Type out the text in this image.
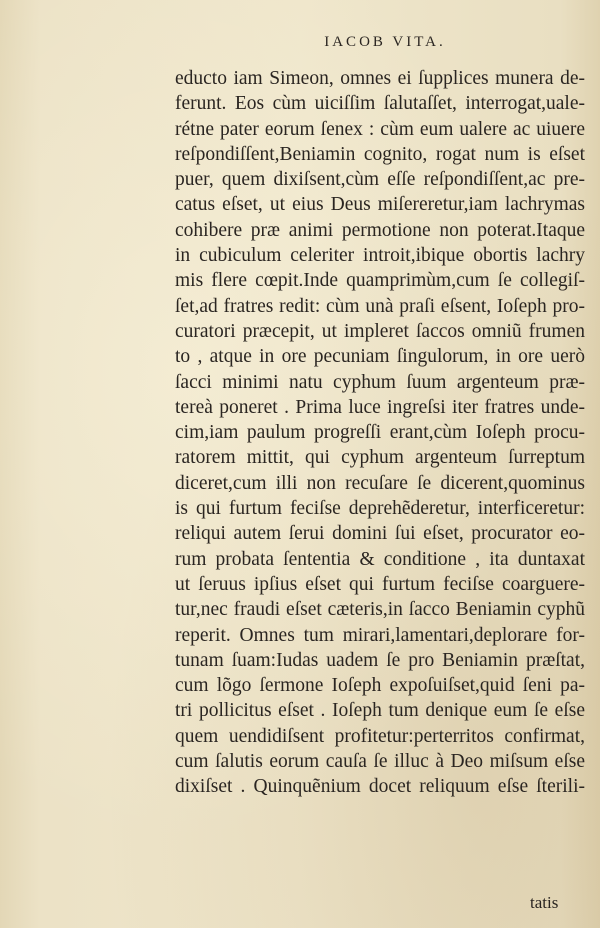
IACOB VITA.
eduсto iam Simeon, omnes ei ſupplices munera de-
ferunt. Eos cùm uiciſſim ſalutaſſet, interrogat,uale-
rétne pater eorum ſenex : cùm eum ualere ac uiuere
reſpondiſſent,Beniamin cognito, rogat num is eſset
puer, quem dixiſsent,cùm eſſe reſpondiſſent,ac pre-
catus eſset, ut eius Deus miſereretur,iam lachrymas
cohibere præ animi permotione non poterat.Itaque
in cubiculum celeriter introit,ibique obortis lachry
mis flere cœpit.Inde quamprimùm,cum ſe collegiſ-
ſet,ad fratres redit: cùm unà praſi eſsent, Ioſeph pro-
curatori præcepit, ut impleret ſaccos omniũ frumen
to , atque in ore pecuniam ſingulorum, in ore uerò
ſacci minimi natu cyphum ſuum argenteum præ-
tereà poneret . Prima luce ingreſsi iter fratres unde-
cim,iam paulum progreſſi erant,cùm Ioſeph procu-
ratorem mittit, qui cyphum argenteum ſurreptum
diceret,cum illi non recuſare ſe dicerent,quominus
is qui furtum feciſse deprehẽderetur, interficeretur:
reliqui autem ſerui domini ſui eſset, procurator eo-
rum probata ſententia & conditione , ita duntaxat
ut ſeruus ipſius eſset qui furtum feciſse coarguere-
tur,nec fraudi eſset cæteris,in ſacco Beniamin cyphũ
reperit. Omnes tum mirari,lamentari,deplorare for-
tunam ſuam:Iudas uadem ſe pro Beniamin præſtat,
cum lõgo ſermone Ioſeph expoſuiſset,quid ſeni pa-
tri pollicitus eſset . Ioſeph tum denique eum ſe eſse
quem uendidiſsent profitetur:perterritos confirmat,
cum ſalutis eorum cauſa ſe illuc à Deo miſsum eſse
dixiſset . Quinquẽnium docet reliquum eſse ſterili-
tatis
